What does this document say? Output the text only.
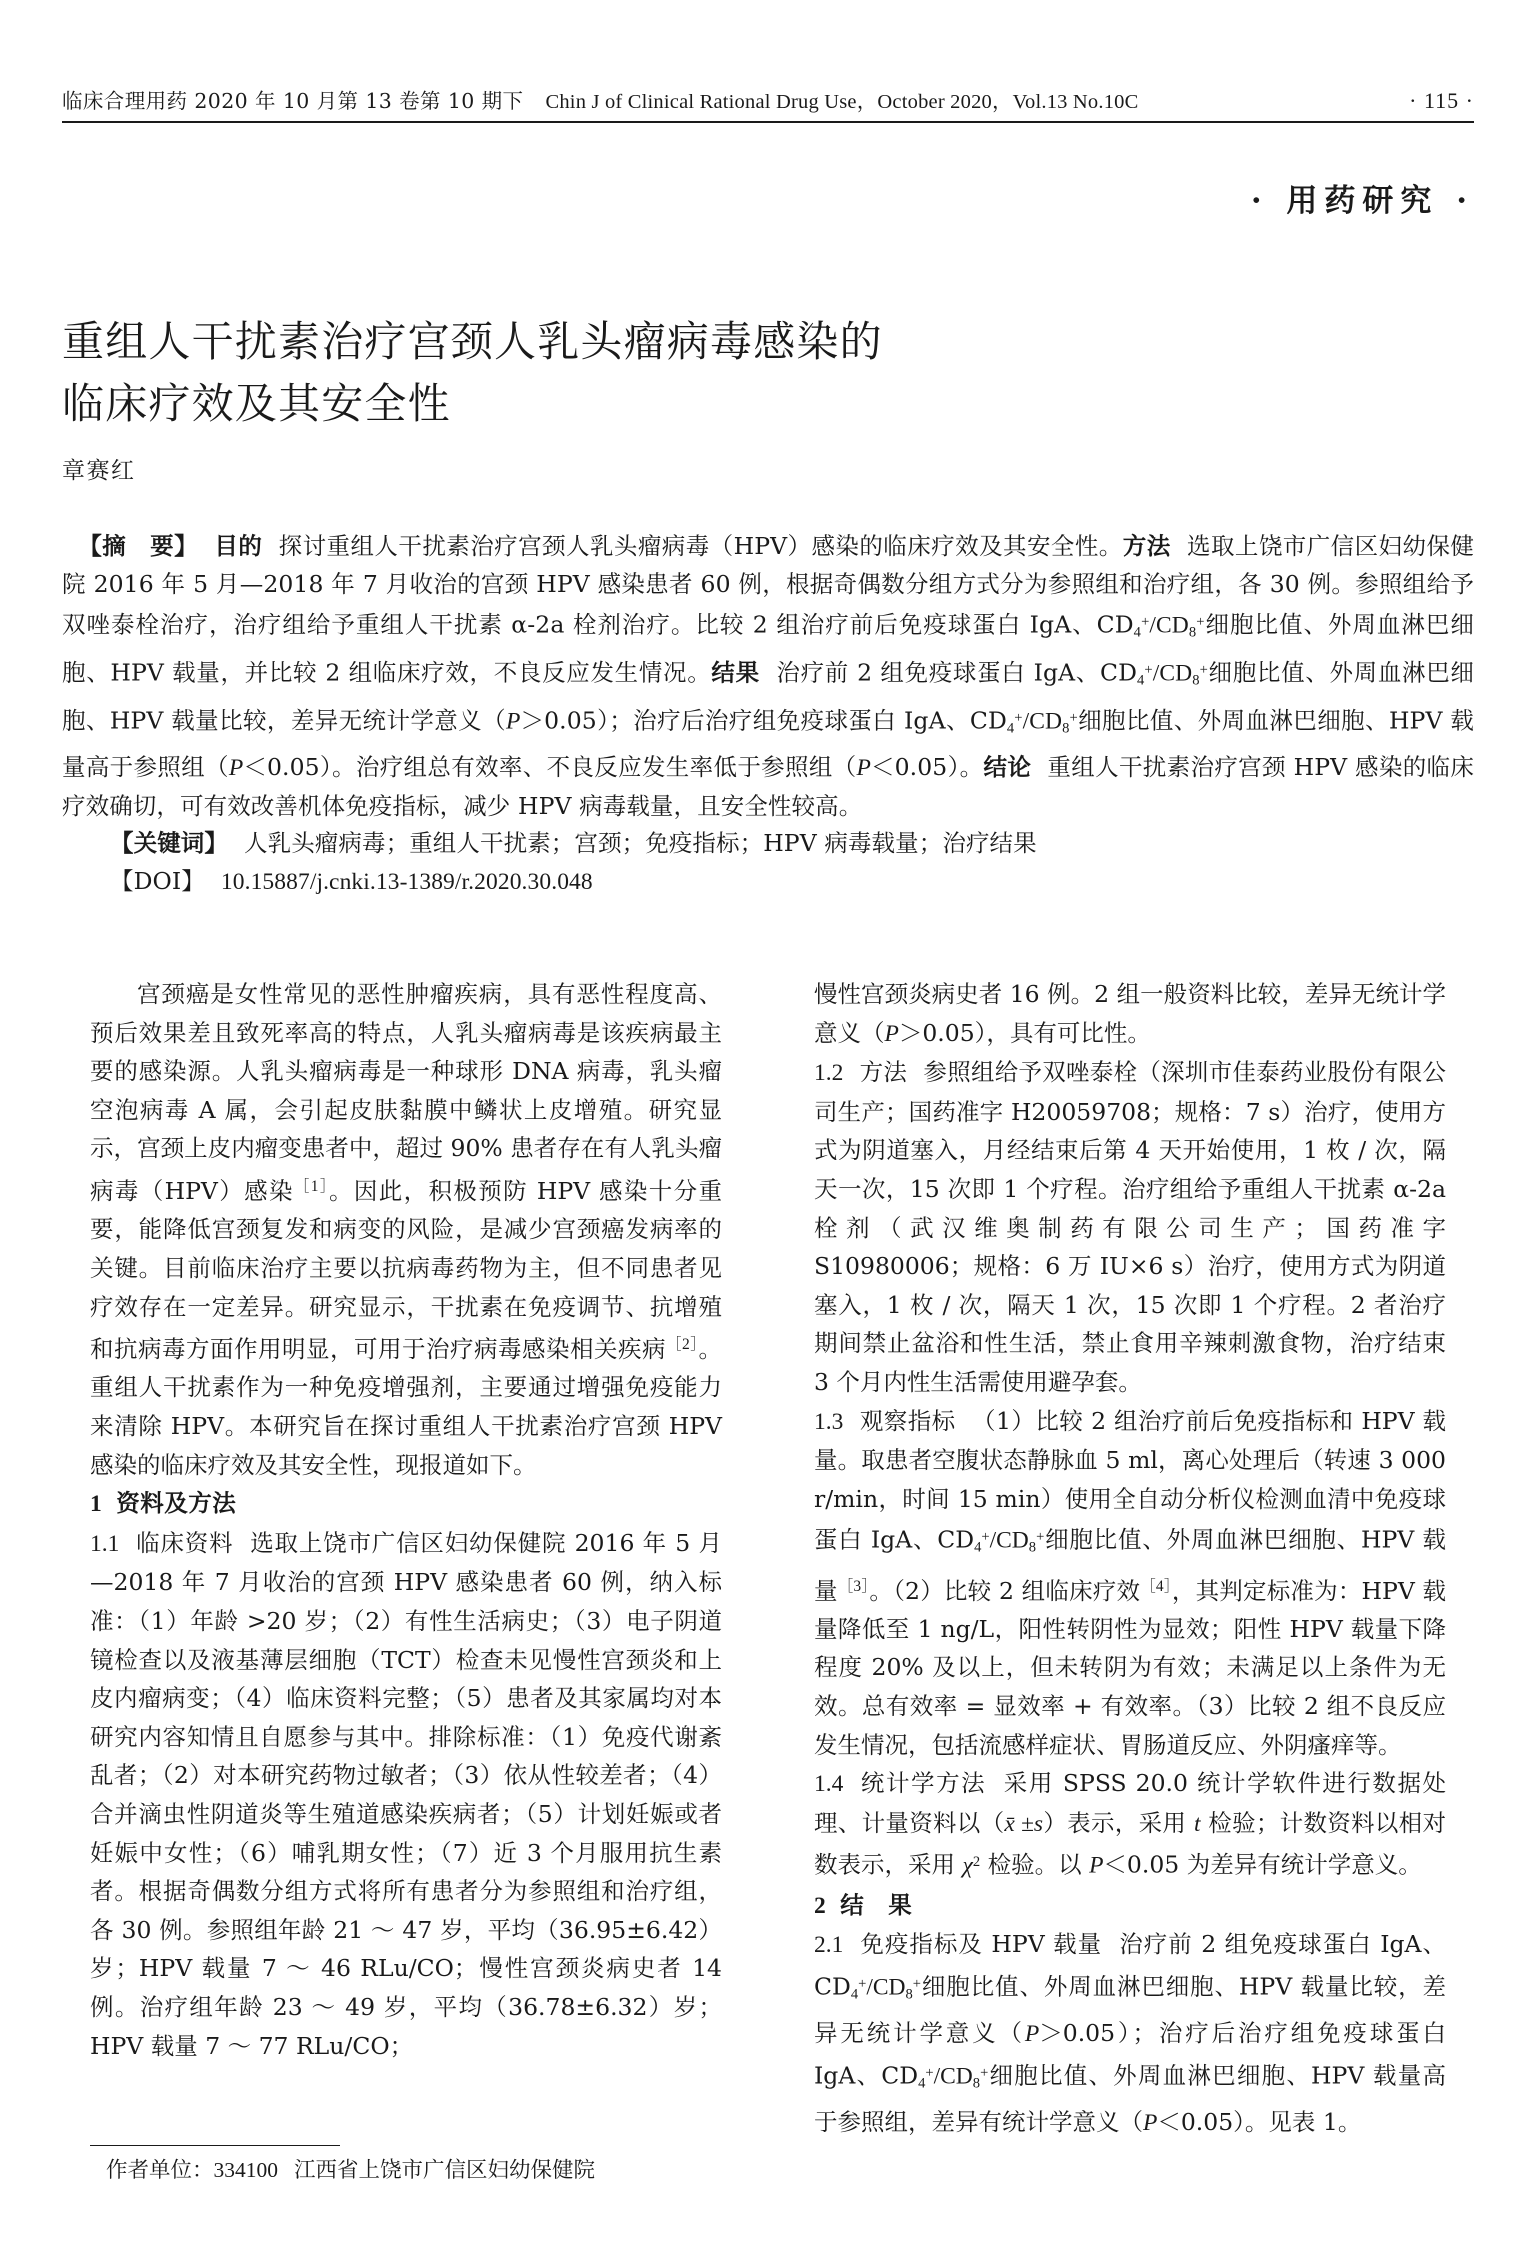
临床合理用药 2020 年 10 月第 13 卷第 10 期下 Chin J of Clinical Rational Drug Use，October 2020，Vol.13 No.10C	· 115 ·
· 用药研究 ·
重组人干扰素治疗宫颈人乳头瘤病毒感染的
临床疗效及其安全性
章赛红

【摘　要】 目的 探讨重组人干扰素治疗宫颈人乳头瘤病毒（HPV）感染的临床疗效及其安全性。方法 选取上饶市广信区妇幼保健院 2016 年 5 月—2018 年 7 月收治的宫颈 HPV 感染患者 60 例，根据奇偶数分组方式分为参照组和治疗组，各 30 例。参照组给予双唑泰栓治疗，治疗组给予重组人干扰素 α‑2a 栓剂治疗。比较 2 组治疗前后免疫球蛋白 IgA、$CD_4^+/CD_8^+$细胞比值、外周血淋巴细胞、HPV 载量，并比较 2 组临床疗效，不良反应发生情况。结果 治疗前 2 组免疫球蛋白 IgA、$CD_4^+/CD_8^+$细胞比值、外周血淋巴细胞、HPV 载量比较，差异无统计学意义（P＞0.05）；治疗后治疗组免疫球蛋白 IgA、$CD_4^+/CD_8^+$细胞比值、外周血淋巴细胞、HPV 载量高于参照组（P＜0.05）。治疗组总有效率、不良反应发生率低于参照组（P＜0.05）。结论 重组人干扰素治疗宫颈 HPV 感染的临床疗效确切，可有效改善机体免疫指标，减少 HPV 病毒载量，且安全性较高。

【关键词】 人乳头瘤病毒；重组人干扰素；宫颈；免疫指标；HPV 病毒载量；治疗结果

【DOI】 10.15887/j.cnki.13‑1389/r.2020.30.048

宫颈癌是女性常见的恶性肿瘤疾病，具有恶性程度高、预后效果差且致死率高的特点，人乳头瘤病毒是该疾病最主要的感染源。人乳头瘤病毒是一种球形 DNA 病毒，乳头瘤空泡病毒 A 属，会引起皮肤黏膜中鳞状上皮增殖。研究显示，宫颈上皮内瘤变患者中，超过 90% 患者存在有人乳头瘤病毒（HPV）感染$^{[1]}$。因此，积极预防 HPV 感染十分重要，能降低宫颈复发和病变的风险，是减少宫颈癌发病率的关键。目前临床治疗主要以抗病毒药物为主，但不同患者见疗效存在一定差异。研究显示，干扰素在免疫调节、抗增殖和抗病毒方面作用明显，可用于治疗病毒感染相关疾病$^{[2]}$。重组人干扰素作为一种免疫增强剂，主要通过增强免疫能力来清除 HPV。本研究旨在探讨重组人干扰素治疗宫颈 HPV 感染的临床疗效及其安全性，现报道如下。

1 资料及方法

1.1 临床资料 选取上饶市广信区妇幼保健院 2016 年 5 月—2018 年 7 月收治的宫颈 HPV 感染患者 60 例，纳入标准：（1）年龄 >20 岁；（2）有性生活病史；（3）电子阴道镜检查以及液基薄层细胞（TCT）检查未见慢性宫颈炎和上皮内瘤病变；（4）临床资料完整；（5）患者及其家属均对本研究内容知情且自愿参与其中。排除标准：（1）免疫代谢紊乱者；（2）对本研究药物过敏者；（3）依从性较差者；（4）合并滴虫性阴道炎等生殖道感染疾病者；（5）计划妊娠或者妊娠中女性；（6）哺乳期女性；（7）近 3 个月服用抗生素者。根据奇偶数分组方式将所有患者分为参照组和治疗组，各 30 例。参照组年龄 21 ～ 47 岁，平均（36.95±6.42）岁；HPV 载量 7 ～ 46 RLu/CO；慢性宫颈炎病史者 14 例。治疗组年龄 23 ～ 49 岁，平均（36.78±6.32）岁；HPV 载量 7 ～ 77 RLu/CO；

慢性宫颈炎病史者 16 例。2 组一般资料比较，差异无统计学意义（P＞0.05），具有可比性。

1.2 方法 参照组给予双唑泰栓（深圳市佳泰药业股份有限公司生产；国药准字 H20059708；规格：7 s）治疗，使用方式为阴道塞入，月经结束后第 4 天开始使用，1 枚 / 次，隔天一次，15 次即 1 个疗程。治疗组给予重组人干扰素 α‑2a 栓剂（武汉维奥制药有限公司生产；国药准字 S10980006；规格：6 万 IU×6 s）治疗，使用方式为阴道塞入，1 枚 / 次，隔天 1 次，15 次即 1 个疗程。2 者治疗期间禁止盆浴和性生活，禁止食用辛辣刺激食物，治疗结束 3 个月内性生活需使用避孕套。

1.3 观察指标 （1）比较 2 组治疗前后免疫指标和 HPV 载量。取患者空腹状态静脉血 5 ml，离心处理后（转速 3 000 r/min，时间 15 min）使用全自动分析仪检测血清中免疫球蛋白 IgA、$CD_4^+/CD_8^+$细胞比值、外周血淋巴细胞、HPV 载量$^{[3]}$。（2）比较 2 组临床疗效$^{[4]}$，其判定标准为：HPV 载量降低至 1 ng/L，阳性转阴性为显效；阳性 HPV 载量下降程度 20% 及以上，但未转阴为有效；未满足以上条件为无效。总有效率 = 显效率 + 有效率。（3）比较 2 组不良反应发生情况，包括流感样症状、胃肠道反应、外阴瘙痒等。

1.4 统计学方法 采用 SPSS 20.0 统计学软件进行数据处理、计量资料以（x̄ ±s）表示，采用 t 检验；计数资料以相对数表示，采用 $\chi^2$ 检验。以 P＜0.05 为差异有统计学意义。

2 结　果

2.1 免疫指标及 HPV 载量 治疗前 2 组免疫球蛋白 IgA、$CD_4^+/CD_8^+$细胞比值、外周血淋巴细胞、HPV 载量比较，差异无统计学意义（P＞0.05）；治疗后治疗组免疫球蛋白 IgA、$CD_4^+/CD_8^+$细胞比值、外周血淋巴细胞、HPV 载量高于参照组，差异有统计学意义（P＜0.05）。见表 1。

作者单位：334100 江西省上饶市广信区妇幼保健院
